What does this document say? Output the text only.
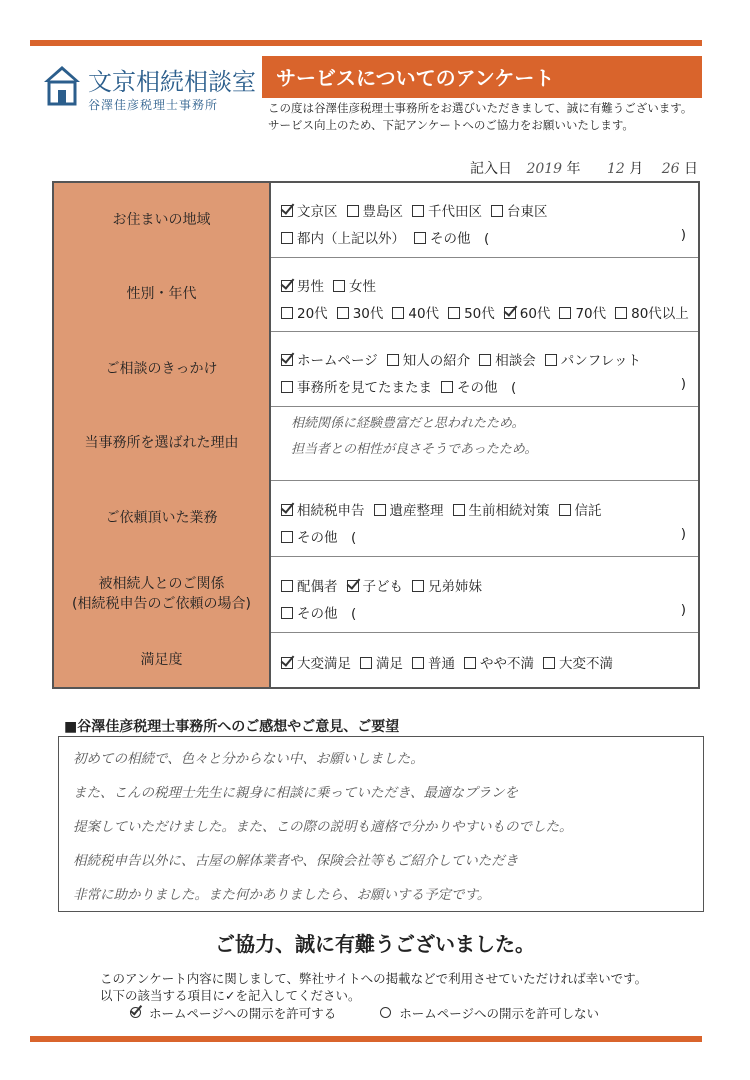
文京相続相談室
谷澤佳彦税理士事務所
サービスについてのアンケート
この度は谷澤佳彦税理士事務所をお選びいただきまして、誠に有難うございます。
サービス向上のため、下記アンケートへのご協力をお願いいたします。
記入日 2019 年 12 月 26 日
お住まいの地域	文京区 豊島区 千代田区 台東区
都内（上記以外） その他　(	)
性別・年代	男性 女性
20代 30代 40代 50代 60代 70代 80代以上
ご相談のきっかけ	ホームページ 知人の紹介 相談会 パンフレット
事務所を見てたまたま その他　(	)
当事務所を選ばれた理由
相続関係に経験豊富だと思われたため。
担当者との相性が良さそうであったため。
ご依頼頂いた業務	相続税申告 遺産整理 生前相続対策 信託
その他　(	)
被相続人とのご関係
(相続税申告のご依頼の場合)
配偶者 子ども 兄弟姉妹
その他　(	)
満足度	大変満足 満足 普通 やや不満 大変不満
■谷澤佳彦税理士事務所へのご感想やご意見、ご要望
初めての相続で、色々と分からない中、お願いしました。
また、こんの税理士先生に親身に相談に乗っていただき、最適なプランを
提案していただけました。また、この際の説明も適格で分かりやすいものでした。
相続税申告以外に、古屋の解体業者や、保険会社等もご紹介していただき
非常に助かりました。また何かありましたら、お願いする予定です。
ご協力、誠に有難うございました。
このアンケート内容に関しまして、弊社サイトへの掲載などで利用させていただければ幸いです。
以下の該当する項目に✓を記入してください。
ホームページへの開示を許可する	ホームページへの開示を許可しない
